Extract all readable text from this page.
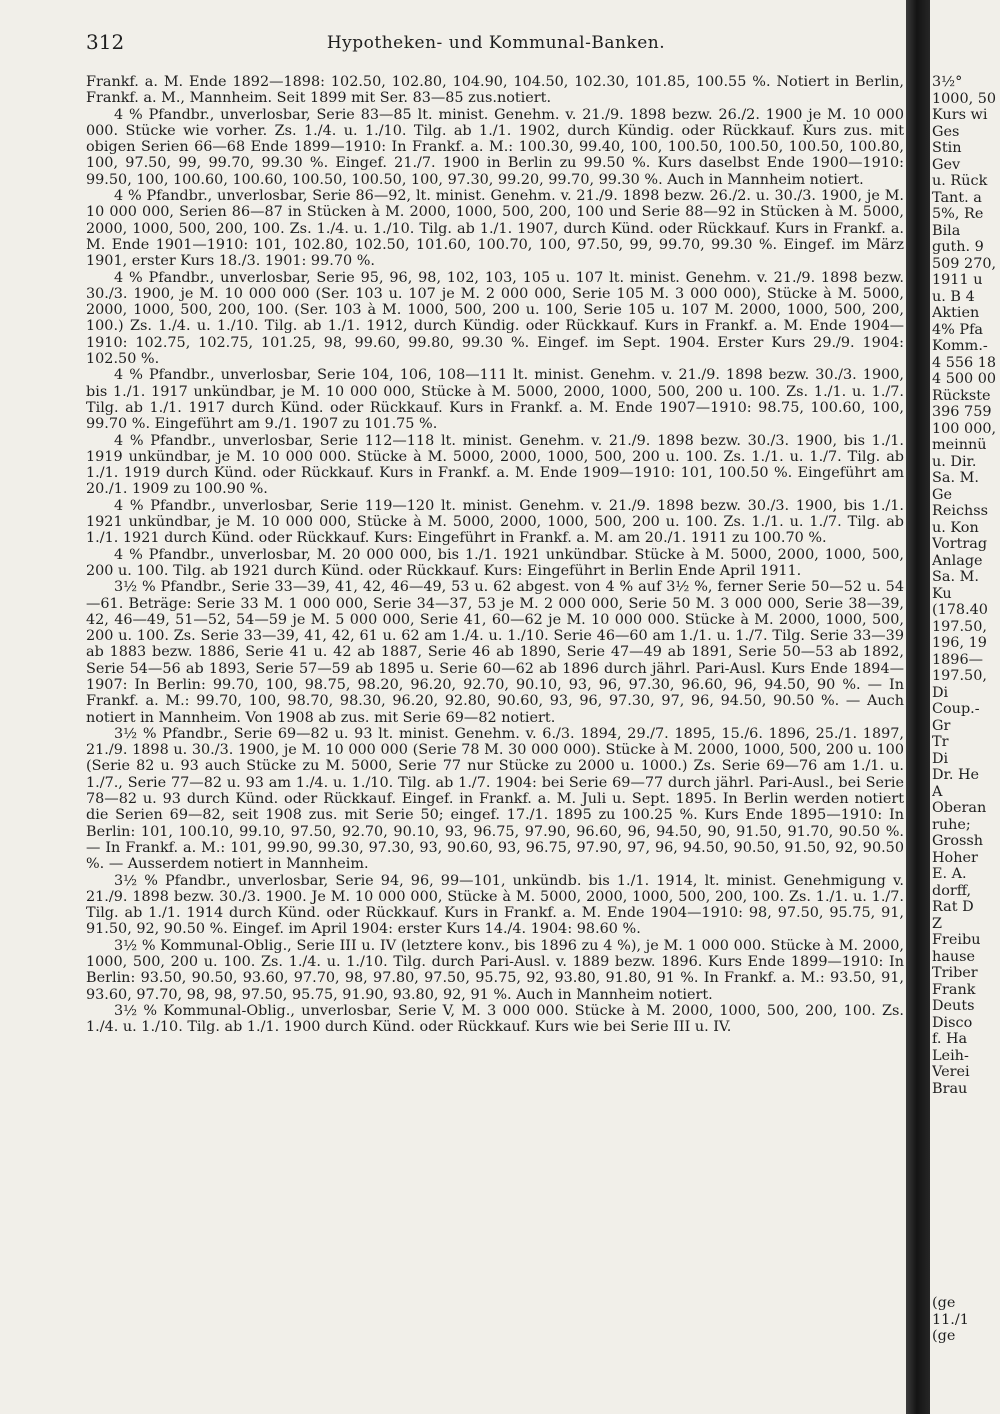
312	Hypotheken- und Kommunal-Banken.

Frankf. a. M. Ende 1892—1898: 102.50, 102.80, 104.90, 104.50, 102.30, 101.85, 100.55 %. Notiert in Berlin, Frankf. a. M., Mannheim. Seit 1899 mit Ser. 83—85 zus.notiert.

4 % Pfandbr., unverlosbar, Serie 83—85 lt. minist. Genehm. v. 21./9. 1898 bezw. 26./2. 1900 je M. 10 000 000. Stücke wie vorher. Zs. 1./4. u. 1./10. Tilg. ab 1./1. 1902, durch Kündig. oder Rückkauf. Kurs zus. mit obigen Serien 66—68 Ende 1899—1910: In Frankf. a. M.: 100.30, 99.40, 100, 100.50, 100.50, 100.50, 100.80, 100, 97.50, 99, 99.70, 99.30 %. Eingef. 21./7. 1900 in Berlin zu 99.50 %. Kurs daselbst Ende 1900—1910: 99.50, 100, 100.60, 100.60, 100.50, 100.50, 100, 97.30, 99.20, 99.70, 99.30 %. Auch in Mannheim notiert.

4 % Pfandbr., unverlosbar, Serie 86—92, lt. minist. Genehm. v. 21./9. 1898 bezw. 26./2. u. 30./3. 1900, je M. 10 000 000, Serien 86—87 in Stücken à M. 2000, 1000, 500, 200, 100 und Serie 88—92 in Stücken à M. 5000, 2000, 1000, 500, 200, 100. Zs. 1./4. u. 1./10. Tilg. ab 1./1. 1907, durch Künd. oder Rückkauf. Kurs in Frankf. a. M. Ende 1901—1910: 101, 102.80, 102.50, 101.60, 100.70, 100, 97.50, 99, 99.70, 99.30 %. Eingef. im März 1901, erster Kurs 18./3. 1901: 99.70 %.

4 % Pfandbr., unverlosbar, Serie 95, 96, 98, 102, 103, 105 u. 107 lt. minist. Genehm. v. 21./9. 1898 bezw. 30./3. 1900, je M. 10 000 000 (Ser. 103 u. 107 je M. 2 000 000, Serie 105 M. 3 000 000), Stücke à M. 5000, 2000, 1000, 500, 200, 100. (Ser. 103 à M. 1000, 500, 200 u. 100, Serie 105 u. 107 M. 2000, 1000, 500, 200, 100.) Zs. 1./4. u. 1./10. Tilg. ab 1./1. 1912, durch Kündig. oder Rückkauf. Kurs in Frankf. a. M. Ende 1904—1910: 102.75, 102.75, 101.25, 98, 99.60, 99.80, 99.30 %. Eingef. im Sept. 1904. Erster Kurs 29./9. 1904: 102.50 %.

4 % Pfandbr., unverlosbar, Serie 104, 106, 108—111 lt. minist. Genehm. v. 21./9. 1898 bezw. 30./3. 1900, bis 1./1. 1917 unkündbar, je M. 10 000 000, Stücke à M. 5000, 2000, 1000, 500, 200 u. 100. Zs. 1./1. u. 1./7. Tilg. ab 1./1. 1917 durch Künd. oder Rückkauf. Kurs in Frankf. a. M. Ende 1907—1910: 98.75, 100.60, 100, 99.70 %. Eingeführt am 9./1. 1907 zu 101.75 %.

4 % Pfandbr., unverlosbar, Serie 112—118 lt. minist. Genehm. v. 21./9. 1898 bezw. 30./3. 1900, bis 1./1. 1919 unkündbar, je M. 10 000 000. Stücke à M. 5000, 2000, 1000, 500, 200 u. 100. Zs. 1./1. u. 1./7. Tilg. ab 1./1. 1919 durch Künd. oder Rückkauf. Kurs in Frankf. a. M. Ende 1909—1910: 101, 100.50 %. Eingeführt am 20./1. 1909 zu 100.90 %.

4 % Pfandbr., unverlosbar, Serie 119—120 lt. minist. Genehm. v. 21./9. 1898 bezw. 30./3. 1900, bis 1./1. 1921 unkündbar, je M. 10 000 000, Stücke à M. 5000, 2000, 1000, 500, 200 u. 100. Zs. 1./1. u. 1./7. Tilg. ab 1./1. 1921 durch Künd. oder Rückkauf. Kurs: Eingeführt in Frankf. a. M. am 20./1. 1911 zu 100.70 %.

4 % Pfandbr., unverlosbar, M. 20 000 000, bis 1./1. 1921 unkündbar. Stücke à M. 5000, 2000, 1000, 500, 200 u. 100. Tilg. ab 1921 durch Künd. oder Rückkauf. Kurs: Eingeführt in Berlin Ende April 1911.

3½ % Pfandbr., Serie 33—39, 41, 42, 46—49, 53 u. 62 abgest. von 4 % auf 3½ %, ferner Serie 50—52 u. 54—61. Beträge: Serie 33 M. 1 000 000, Serie 34—37, 53 je M. 2 000 000, Serie 50 M. 3 000 000, Serie 38—39, 42, 46—49, 51—52, 54—59 je M. 5 000 000, Serie 41, 60—62 je M. 10 000 000. Stücke à M. 2000, 1000, 500, 200 u. 100. Zs. Serie 33—39, 41, 42, 61 u. 62 am 1./4. u. 1./10. Serie 46—60 am 1./1. u. 1./7. Tilg. Serie 33—39 ab 1883 bezw. 1886, Serie 41 u. 42 ab 1887, Serie 46 ab 1890, Serie 47—49 ab 1891, Serie 50—53 ab 1892, Serie 54—56 ab 1893, Serie 57—59 ab 1895 u. Serie 60—62 ab 1896 durch jährl. Pari-Ausl. Kurs Ende 1894—1907: In Berlin: 99.70, 100, 98.75, 98.20, 96.20, 92.70, 90.10, 93, 96, 97.30, 96.60, 96, 94.50, 90 %. — In Frankf. a. M.: 99.70, 100, 98.70, 98.30, 96.20, 92.80, 90.60, 93, 96, 97.30, 97, 96, 94.50, 90.50 %. — Auch notiert in Mannheim. Von 1908 ab zus. mit Serie 69—82 notiert.

3½ % Pfandbr., Serie 69—82 u. 93 lt. minist. Genehm. v. 6./3. 1894, 29./7. 1895, 15./6. 1896, 25./1. 1897, 21./9. 1898 u. 30./3. 1900, je M. 10 000 000 (Serie 78 M. 30 000 000). Stücke à M. 2000, 1000, 500, 200 u. 100 (Serie 82 u. 93 auch Stücke zu M. 5000, Serie 77 nur Stücke zu 2000 u. 1000.) Zs. Serie 69—76 am 1./1. u. 1./7., Serie 77—82 u. 93 am 1./4. u. 1./10. Tilg. ab 1./7. 1904: bei Serie 69—77 durch jährl. Pari-Ausl., bei Serie 78—82 u. 93 durch Künd. oder Rückkauf. Eingef. in Frankf. a. M. Juli u. Sept. 1895. In Berlin werden notiert die Serien 69—82, seit 1908 zus. mit Serie 50; eingef. 17./1. 1895 zu 100.25 %. Kurs Ende 1895—1910: In Berlin: 101, 100.10, 99.10, 97.50, 92.70, 90.10, 93, 96.75, 97.90, 96.60, 96, 94.50, 90, 91.50, 91.70, 90.50 %. — In Frankf. a. M.: 101, 99.90, 99.30, 97.30, 93, 90.60, 93, 96.75, 97.90, 97, 96, 94.50, 90.50, 91.50, 92, 90.50 %. — Ausserdem notiert in Mannheim.

3½ % Pfandbr., unverlosbar, Serie 94, 96, 99—101, unkündb. bis 1./1. 1914, lt. minist. Genehmigung v. 21./9. 1898 bezw. 30./3. 1900. Je M. 10 000 000, Stücke à M. 5000, 2000, 1000, 500, 200, 100. Zs. 1./1. u. 1./7. Tilg. ab 1./1. 1914 durch Künd. oder Rückkauf. Kurs in Frankf. a. M. Ende 1904—1910: 98, 97.50, 95.75, 91, 91.50, 92, 90.50 %. Eingef. im April 1904: erster Kurs 14./4. 1904: 98.60 %.

3½ % Kommunal-Oblig., Serie III u. IV (letztere konv., bis 1896 zu 4 %), je M. 1 000 000. Stücke à M. 2000, 1000, 500, 200 u. 100. Zs. 1./4. u. 1./10. Tilg. durch Pari-Ausl. v. 1889 bezw. 1896. Kurs Ende 1899—1910: In Berlin: 93.50, 90.50, 93.60, 97.70, 98, 97.80, 97.50, 95.75, 92, 93.80, 91.80, 91 %. In Frankf. a. M.: 93.50, 91, 93.60, 97.70, 98, 98, 97.50, 95.75, 91.90, 93.80, 92, 91 %. Auch in Mannheim notiert.

3½ % Kommunal-Oblig., unverlosbar, Serie V, M. 3 000 000. Stücke à M. 2000, 1000, 500, 200, 100. Zs. 1./4. u. 1./10. Tilg. ab 1./1. 1900 durch Künd. oder Rückkauf. Kurs wie bei Serie III u. IV.

3½°
1000, 50
Kurs wi
Ges
Stin
Gev
u. Rück
Tant. a
5%, Re
Bila
guth. 9
509 270,
1911 u
u. B 4
Aktien
4% Pfa
Komm.-
4 556 18
4 500 00
Rückste
396 759
100 000,
meinnü
u. Dir.
Sa. M.
Ge
Reichss
u. Kon
Vortrag
Anlage
Sa. M.
Ku
(178.40
197.50,
196, 19
1896—
197.50,
Di
Coup.-
Gr
Tr
Di
Dr. He
A
Oberan
ruhe;
Grossh
Hoher
E. A.
dorff,
Rat D
Z
Freibu
hause
Triber
Frank
Deuts
Disco
f. Ha
Leih-
Verei
Brau
(ge
11./1
(ge
